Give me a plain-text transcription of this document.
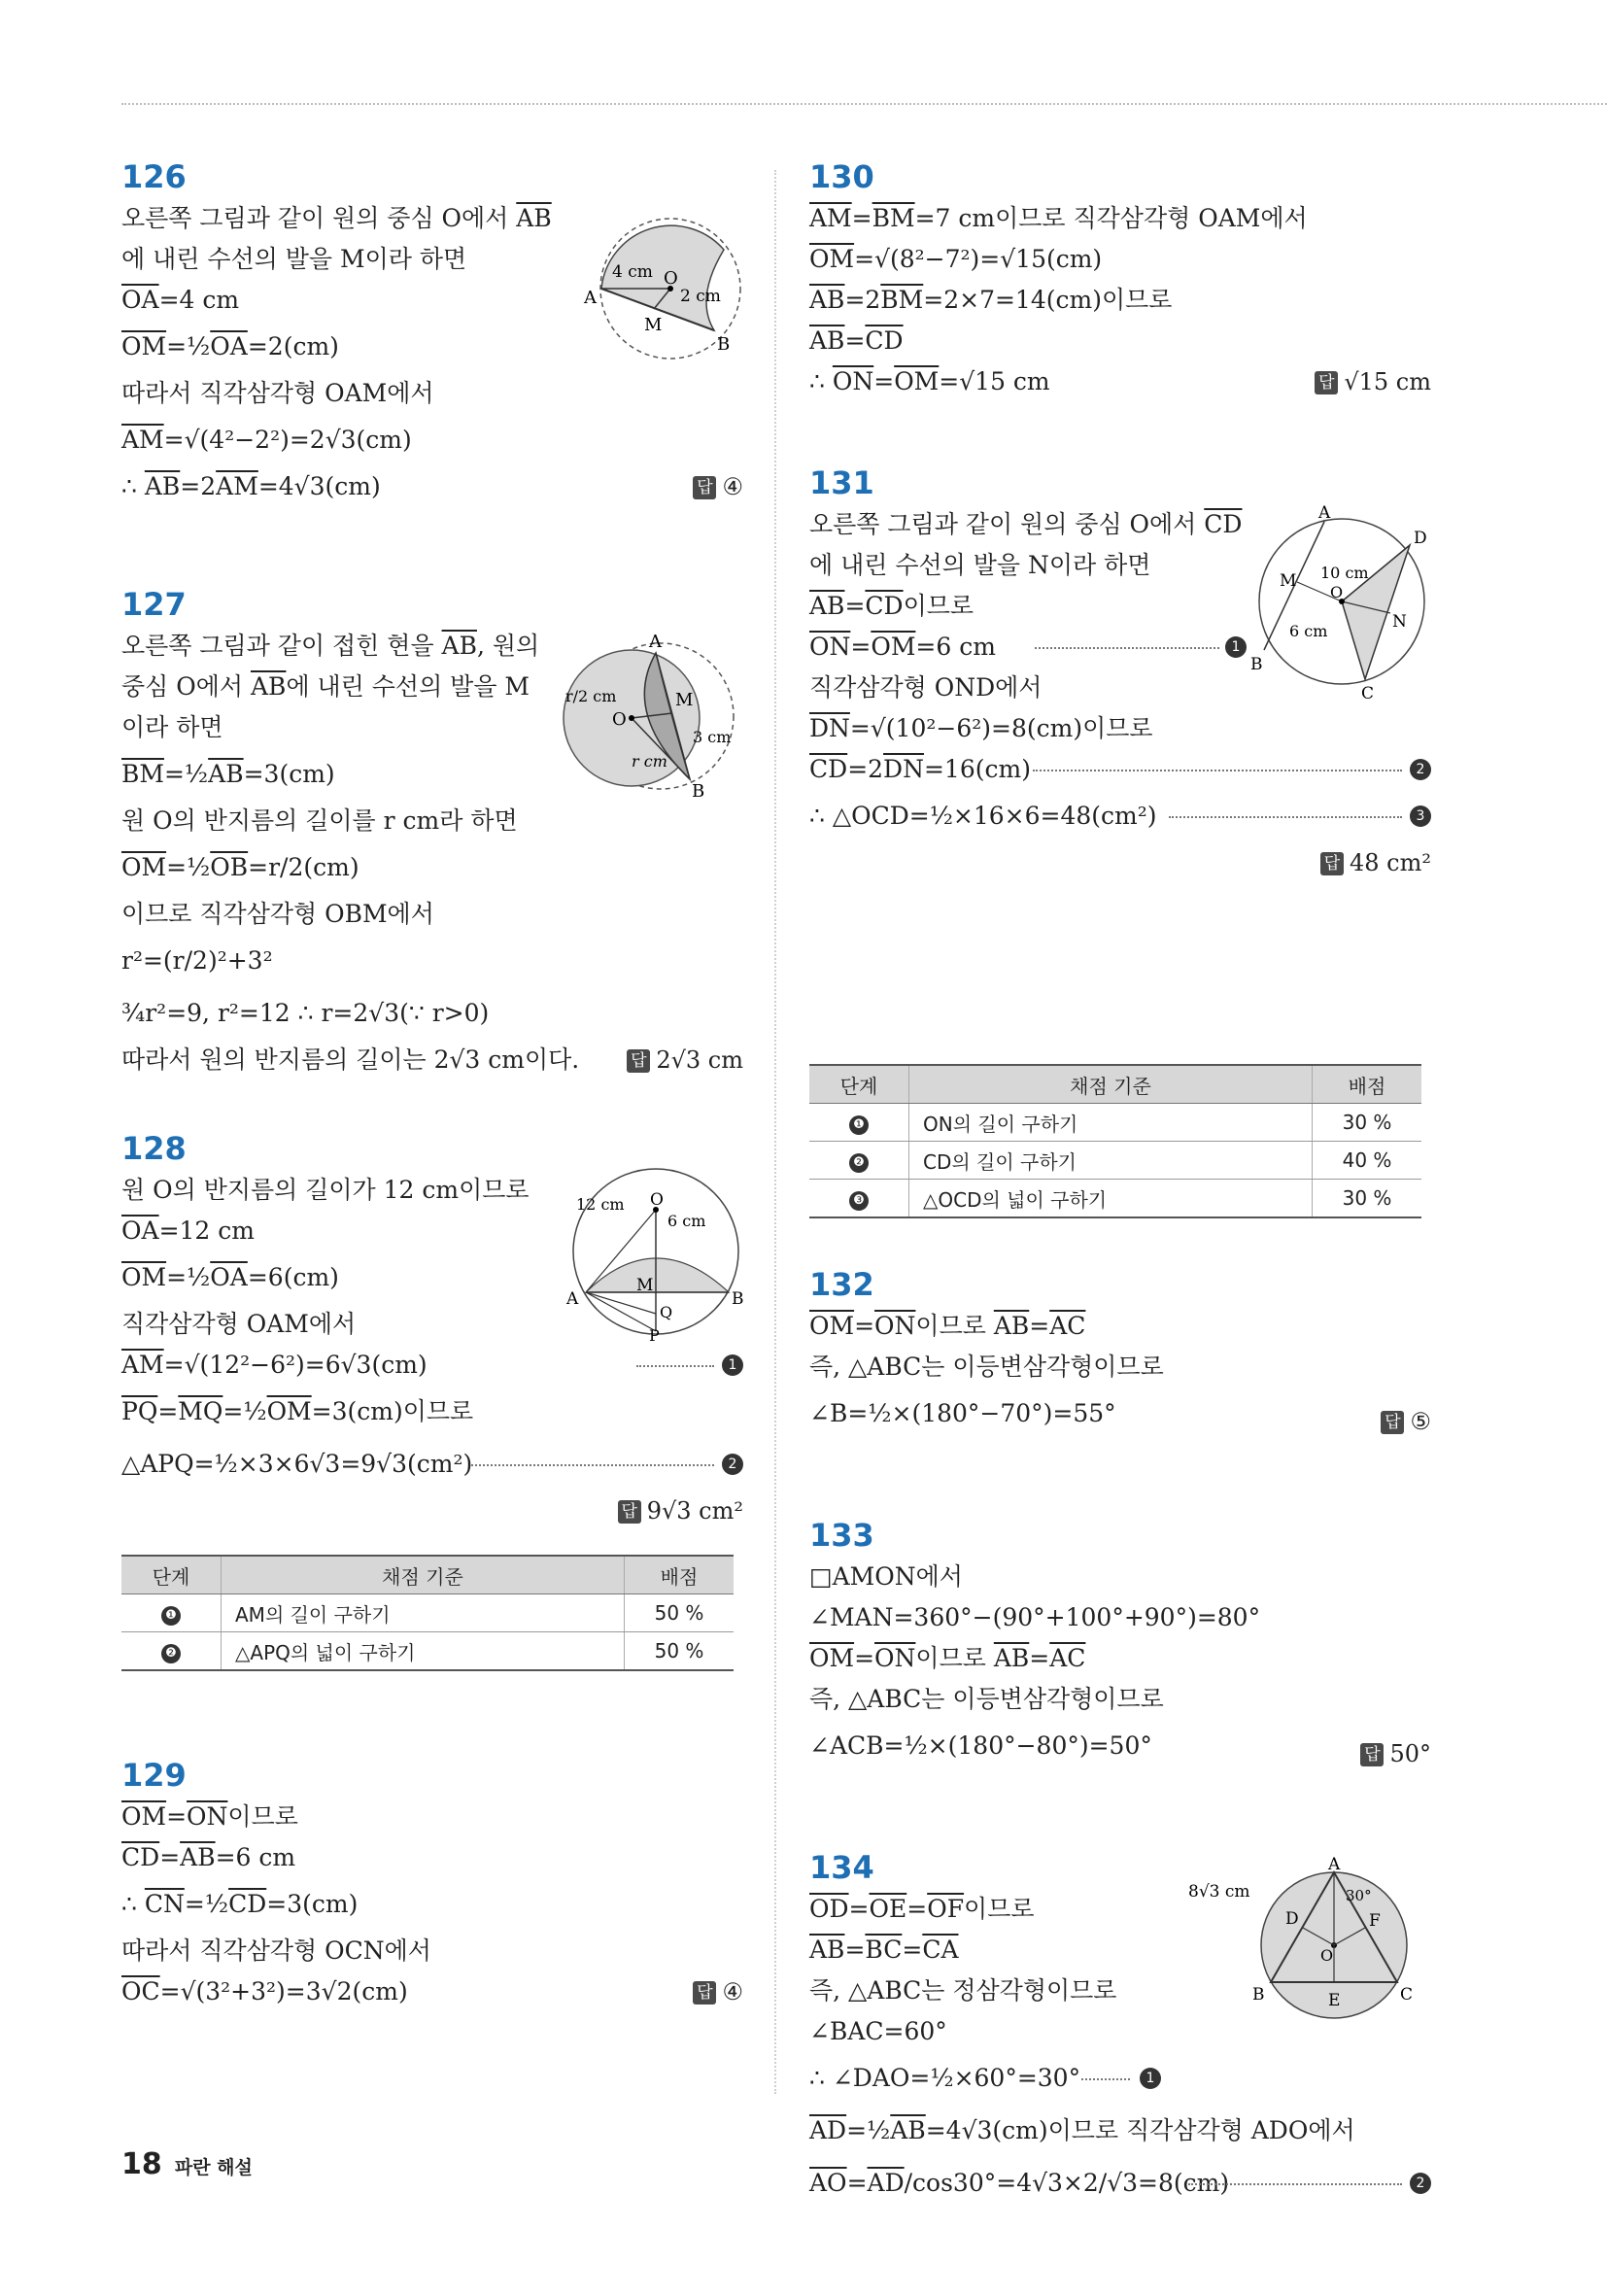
126
오른쪽 그림과 같이 원의 중심 O에서 $\overline{AB}$
에 내린 수선의 발을 M이라 하면
$\overline{OA}=4$ cm
$\overline{OM}=\frac{1}{2}\overline{OA}=2(cm)$
따라서 직각삼각형 OAM에서
$\overline{AM}=√(4^2-2^2)=2√3(cm)$
∴ $\overline{AB}=2\overline{AM}=4√3(cm)$	답 ④
O
A
B
M
4 cm
2 cm
127
오른쪽 그림과 같이 접힌 현을 $\overline{AB}$, 원의
중심 O에서 $\overline{AB}$에 내린 수선의 발을 M
이라 하면
$\overline{BM}=\frac{1}{2}\overline{AB}=3(cm)$
원 O의 반지름의 길이를 r cm라 하면
$\overline{OM}=\frac{1}{2}\overline{OB}=r/2(cm)$
이므로 직각삼각형 OBM에서
r²=(r/2)²+3²
¾r²=9, r²=12 ∴ r=2√3(∵ r>0)
따라서 원의 반지름의 길이는 2√3 cm이다.	답 2√3 cm
A
B
O
M
r/2 cm
3 cm
r cm
128
원 O의 반지름의 길이가 12 cm이므로
$\overline{OA}=12$ cm
$\overline{OM}=\frac{1}{2}\overline{OA}=6(cm)$
직각삼각형 OAM에서
$\overline{AM}=√(12^2-6^2)=6√3(cm)$	1
$\overline{PQ}=\overline{MQ}=\frac{1}{2}\overline{OM}=3(cm)$이므로
△APQ=½×3×6√3=9√3(cm²)	2
답 9√3 cm²
O
A	B
M
Q
P
12 cm
6 cm
단계	채점 기준	배점
❶	AM의 길이 구하기	50 %
❷	△APQ의 넓이 구하기	50 %
129
$\overline{OM}=\overline{ON}$이므로
$\overline{CD}=\overline{AB}=6$ cm
∴ $\overline{CN}=\frac{1}{2}\overline{CD}=3(cm)$
따라서 직각삼각형 OCN에서
$\overline{OC}=√(3^2+3^2)=3√2(cm)$	답 ④
130
$\overline{AM}=\overline{BM}=7$ cm이므로 직각삼각형 OAM에서
$\overline{OM}=√(8^2-7^2)=√15(cm)$
$\overline{AB}=2\overline{BM}=2\times 7=14(cm)$이므로
$\overline{AB}=\overline{CD}$
∴ $\overline{ON}=\overline{OM}=√15$ cm	답 √15 cm
131
오른쪽 그림과 같이 원의 중심 O에서 $\overline{CD}$
에 내린 수선의 발을 N이라 하면
$\overline{AB}=\overline{CD}$이므로
$\overline{ON}=\overline{OM}=6$ cm	1
직각삼각형 OND에서
$\overline{DN}=√(10^2-6^2)=8(cm)$이므로
$\overline{CD}=2\overline{DN}=16(cm)$	2
∴ △OCD=½×16×6=48(cm²)	3
답 48 cm²
A
B
C
D
M
N
O
10 cm
6 cm
단계	채점 기준	배점
❶	ON의 길이 구하기	30 %
❷	CD의 길이 구하기	40 %
❸	△OCD의 넓이 구하기	30 %
132
$\overline{OM}=\overline{ON}$이므로 $\overline{AB}=\overline{AC}$
즉, △ABC는 이등변삼각형이므로
∠B=½×(180°−70°)=55°	답 ⑤
133
□AMON에서
∠MAN=360°−(90°+100°+90°)=80°
$\overline{OM}=\overline{ON}$이므로 $\overline{AB}=\overline{AC}$
즉, △ABC는 이등변삼각형이므로
∠ACB=½×(180°−80°)=50°	답 50°
134
$\overline{OD}=\overline{OE}=\overline{OF}$이므로
$\overline{AB}=\overline{BC}=\overline{CA}$
즉, △ABC는 정삼각형이므로
∠BAC=60°
∴ ∠DAO=½×60°=30°	1
$\overline{AD}=\frac{1}{2}\overline{AB}=4√3(cm)$이므로 직각삼각형 ADO에서
$\overline{AO}=\overline{AD}/\cos 30^\circ=4√3\times 2/√3=8(cm)$	2
A
B	C
D
E
F
O
8√3 cm	30°
18 파란 해설
